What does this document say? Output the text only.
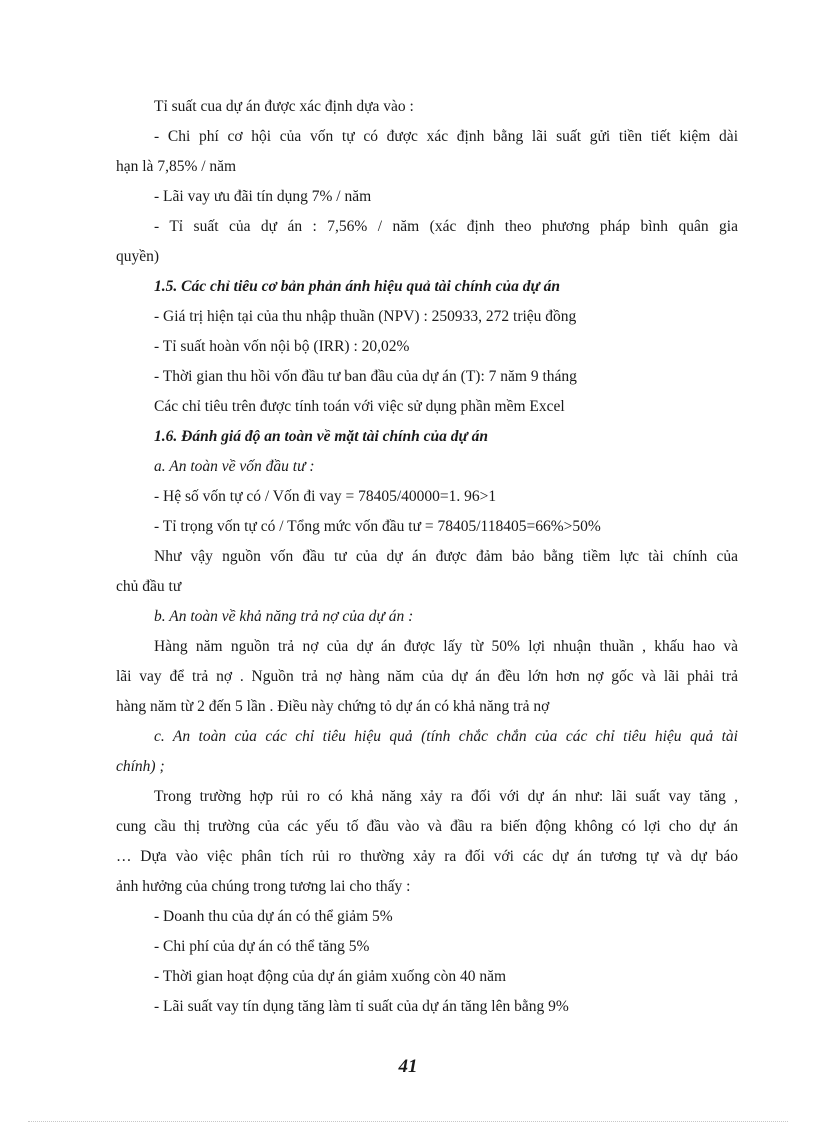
Tỉ suất cua dự án được xác định dựa vào :
- Chi phí cơ hội của vốn tự có được xác định bằng lãi suất gửi tiền tiết kiệm dài
hạn là 7,85% / năm
- Lãi vay ưu đãi tín dụng 7% / năm
- Tỉ suất của dự án : 7,56% / năm (xác định theo phương pháp bình quân gia
quyền)
1.5. Các chỉ tiêu cơ bản phản ánh hiệu quả tài chính của dự án
- Giá trị hiện tại của thu nhập thuần (NPV) : 250933, 272 triệu đồng
- Tỉ suất hoàn vốn nội bộ (IRR) : 20,02%
- Thời gian thu hồi vốn đầu tư ban đầu của dự án (T): 7 năm 9 tháng
Các chỉ tiêu trên được tính toán với việc sử dụng phần mềm Excel
1.6. Đánh giá độ an toàn về mặt tài chính của dự án
a. An toàn về vốn đầu tư :
- Hệ số vốn tự có / Vốn đi vay = 78405/40000=1. 96>1
- Tỉ trọng vốn tự có / Tổng mức vốn đầu tư = 78405/118405=66%>50%
Như vậy nguồn vốn đầu tư của dự án được đảm bảo bằng tiềm lực tài chính của
chủ đầu tư
b. An toàn về khả năng trả nợ của dự án :
Hàng năm nguồn trả nợ của dự án được lấy từ 50% lợi nhuận thuần , khấu hao và
lãi vay để trả nợ . Nguồn trả nợ hàng năm của dự án đều lớn hơn nợ gốc và lãi phải trả
hàng năm từ 2 đến 5 lần . Điều này chứng tỏ dự án có khả năng trả nợ
c. An toàn của các chỉ tiêu hiệu quả (tính chắc chắn của các chỉ tiêu hiệu quả tài
chính) ;
Trong trường hợp rủi ro có khả năng xảy ra đối với dự án như: lãi suất vay tăng ,
cung cầu thị trường của các yếu tố đầu vào và đầu ra biến động không có lợi cho dự án
… Dựa vào việc phân tích rủi ro thường xảy ra đối với các dự án tương tự và dự báo
ảnh hưởng của chúng trong tương lai cho thấy :
- Doanh thu của dự án có thể giảm 5%
- Chi phí của dự án có thể tăng 5%
- Thời gian hoạt động của dự án giảm xuống còn 40 năm
- Lãi suất vay tín dụng tăng làm tỉ suất của dự án tăng lên bằng 9%
41
